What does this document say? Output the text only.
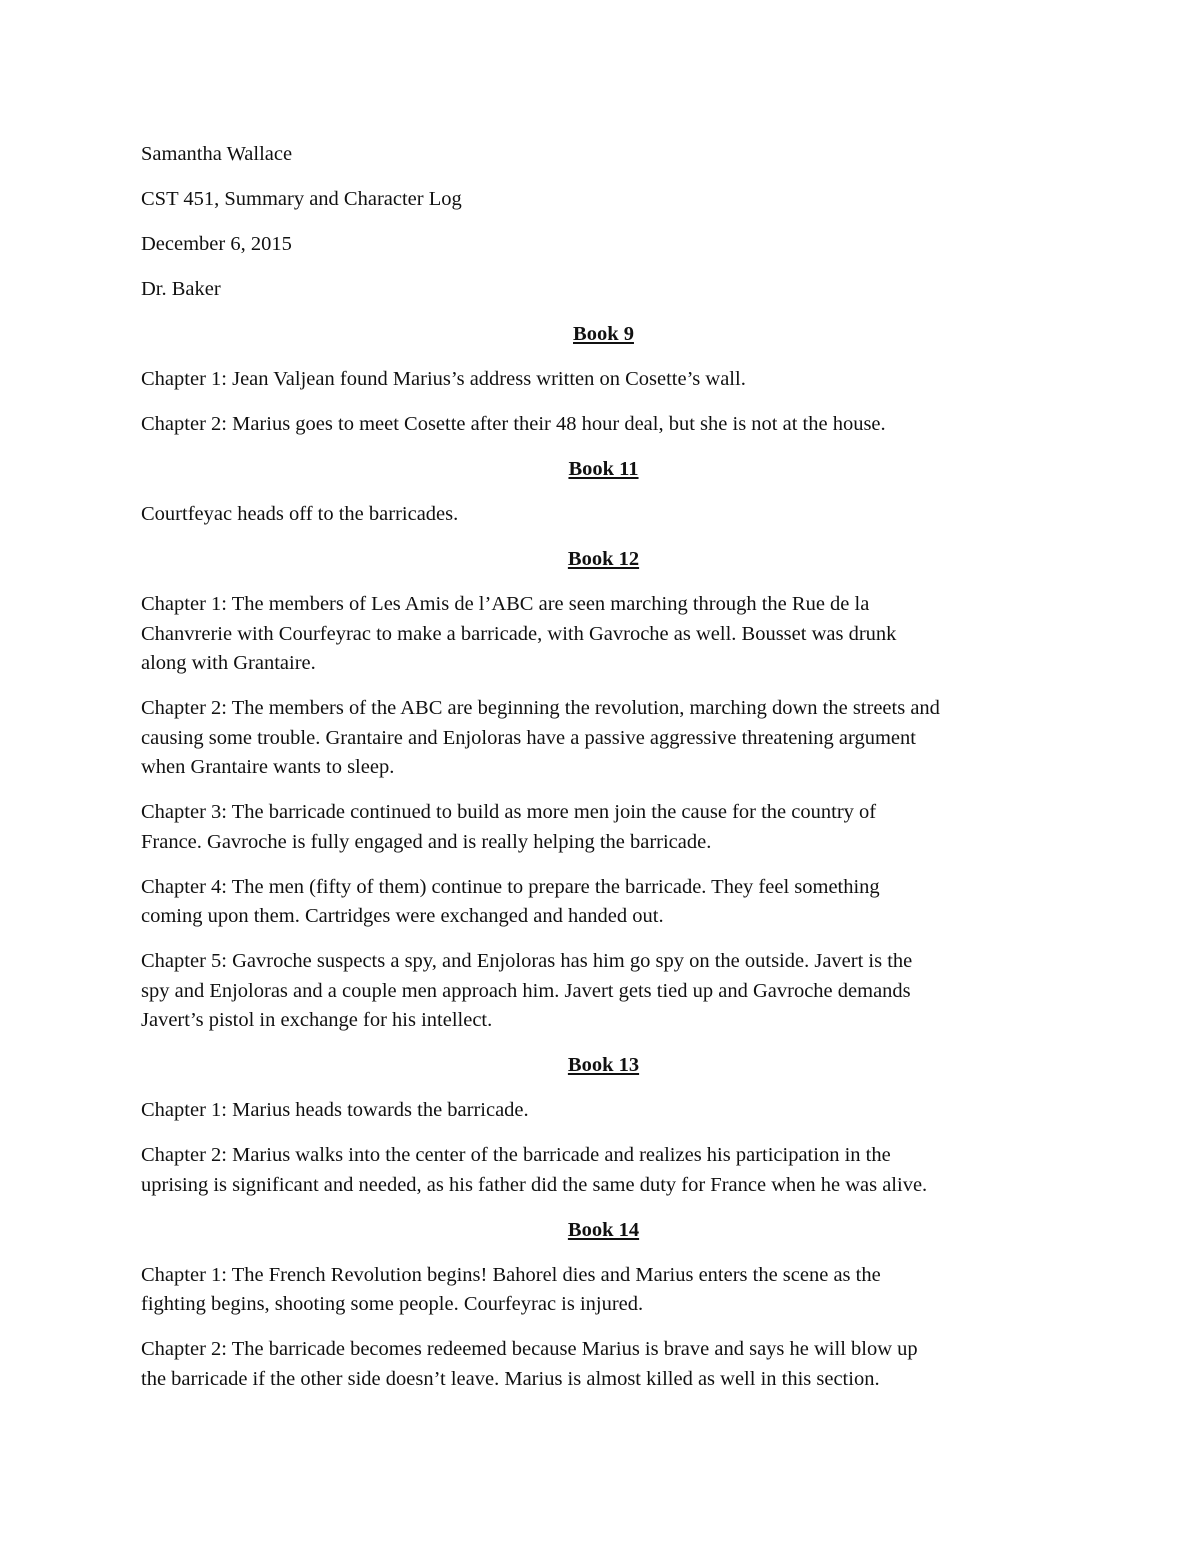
Samantha Wallace
CST 451, Summary and Character Log
December 6, 2015
Dr. Baker
Book 9

Chapter 1: Jean Valjean found Marius’s address written on Cosette’s wall.

Chapter 2: Marius goes to meet Cosette after their 48 hour deal, but she is not at the house.

Book 11

Courtfeyac heads off to the barricades.

Book 12

Chapter 1: The members of Les Amis de l’ABC are seen marching through the Rue de la

Chanvrerie with Courfeyrac to make a barricade, with Gavroche as well. Bousset was drunk

along with Grantaire.

Chapter 2: The members of the ABC are beginning the revolution, marching down the streets and

causing some trouble. Grantaire and Enjoloras have a passive aggressive threatening argument

when Grantaire wants to sleep.

Chapter 3: The barricade continued to build as more men join the cause for the country of

France. Gavroche is fully engaged and is really helping the barricade.

Chapter 4: The men (fifty of them) continue to prepare the barricade. They feel something

coming upon them. Cartridges were exchanged and handed out.

Chapter 5: Gavroche suspects a spy, and Enjoloras has him go spy on the outside. Javert is the

spy and Enjoloras and a couple men approach him. Javert gets tied up and Gavroche demands

Javert’s pistol in exchange for his intellect.

Book 13

Chapter 1: Marius heads towards the barricade.

Chapter 2: Marius walks into the center of the barricade and realizes his participation in the

uprising is significant and needed, as his father did the same duty for France when he was alive.

Book 14

Chapter 1: The French Revolution begins! Bahorel dies and Marius enters the scene as the

fighting begins, shooting some people. Courfeyrac is injured.

Chapter 2: The barricade becomes redeemed because Marius is brave and says he will blow up

the barricade if the other side doesn’t leave. Marius is almost killed as well in this section.
